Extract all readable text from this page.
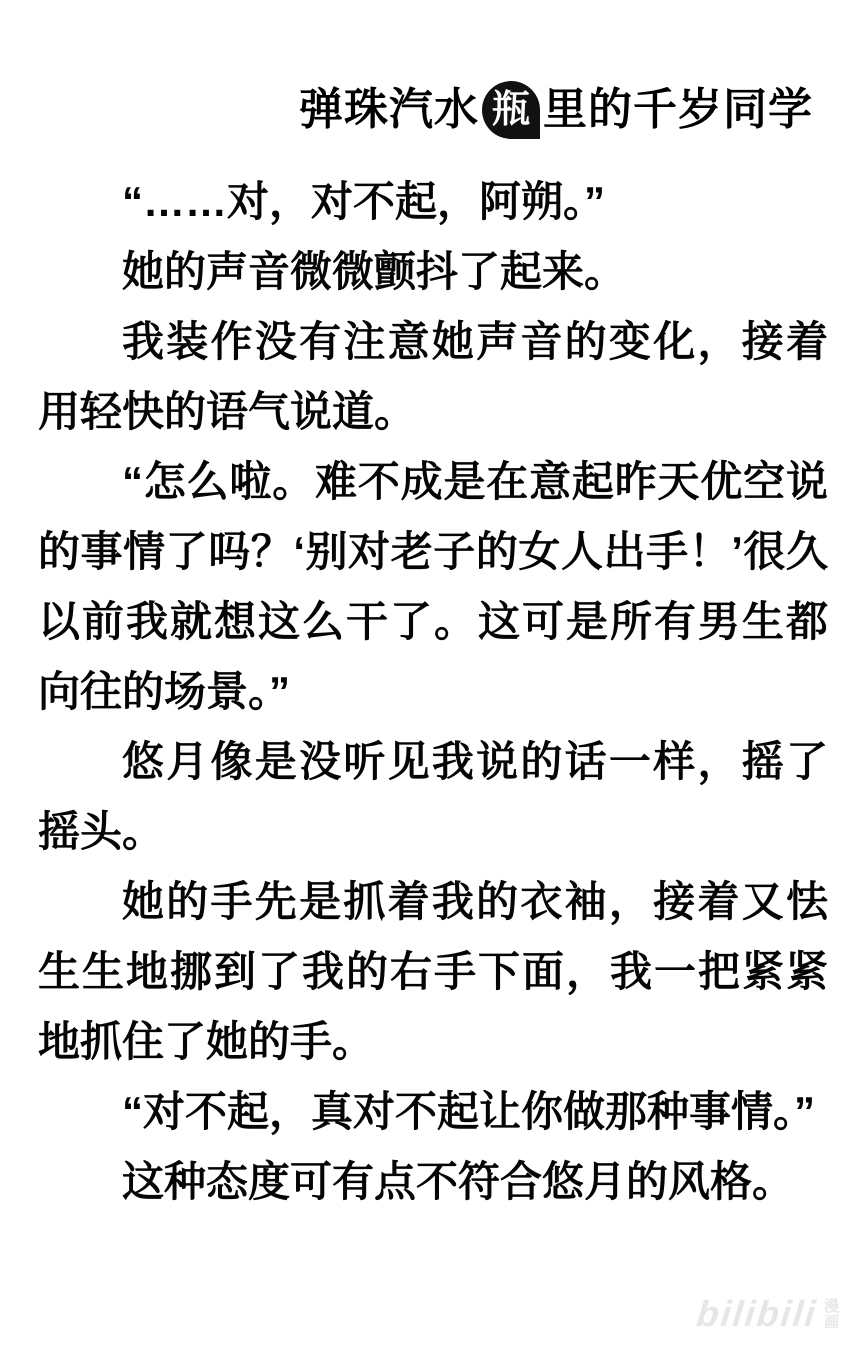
弹珠汽水 瓶 里的千岁同学

“……对，对不起，阿朔。”

她的声音微微颤抖了起来。

我装作没有注意她声音的变化，接着用轻快的语气说道。

“怎么啦。难不成是在意起昨天优空说的事情了吗？‘别对老子的女人出手！’很久以前我就想这么干了。这可是所有男生都向往的场景。”

悠月像是没听见我说的话一样，摇了摇头。

她的手先是抓着我的衣袖，接着又怯生生地挪到了我的右手下面，我一把紧紧地抓住了她的手。

“对不起，真对不起让你做那种事情。”

这种态度可有点不符合悠月的风格。

bilibili 漫画
